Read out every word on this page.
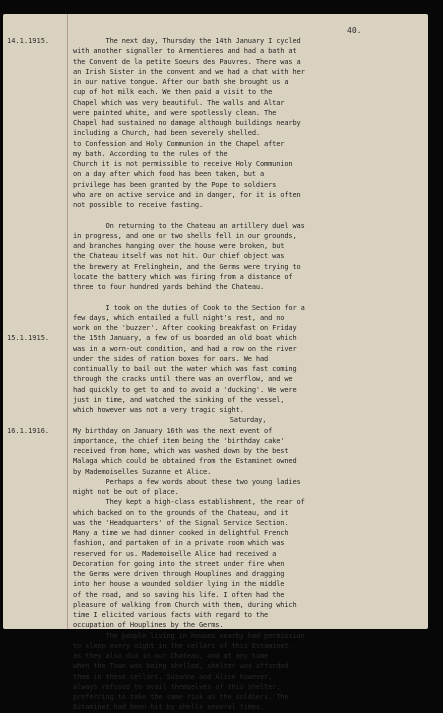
40.
14.1.1915.	The next day, Thursday the 14th January I cycled
with another signaller to Armentieres and had a bath at
the Convent de la petite Soeurs des Pauvres. There was a
an Irish Sister in the convent and we had a chat with her
in our native tongue. After our bath she brought us a
cup of hot milk each. We then paid a visit to the
Chapel which was very beautiful. The walls and Altar
were painted white, and were spotlessly clean. The
Chapel had sustained no damage although buildings nearby
including a Church, had been severely shelled.
to Confession and Holy Communion in the Chapel after
my bath. According to the rules of the
Church it is not permissible to receive Holy Communion
on a day after which food has been taken, but a
privilege has been granted by the Pope to soldiers
who are on active service and in danger, for it is often
not possible to receive fasting.
On returning to the Chateau an artillery duel was
in progress, and one or two shells fell in our grounds,
and branches hanging over the house were broken, but
the Chateau itself was not hit. Our chief object was
the brewery at Frelinghein, and the Germs were trying to
locate the battery which was firing from a distance of
three to four hundred yards behind the Chateau.
I took on the duties of Cook to the Section for a
few days, which entailed a full night's rest, and no
work on the 'buzzer'. After cooking breakfast on Friday
15.1.1915.	the 15th January, a few of us boarded an old boat which
was in a worn-out condition, and had a row on the river
under the sides of ration boxes for oars. We had
continually to bail out the water which was fast coming
through the cracks until there was an overflow, and we
had quickly to get to and to avoid a 'ducking'. We were
just in time, and watched the sinking of the vessel,
which however was not a very tragic sight.
Saturday,
16.1.1916.	My birthday on January 16th was the next event of
importance, the chief item being the 'birthday cake'
received from home, which was washed down by the best
Malaga which could be obtained from the Estaminet owned
by Mademoiselles Suzanne et Alice.
Perhaps a few words about these two young ladies
might not be out of place.
They kept a high-class establishment, the rear of
which backed on to the grounds of the Chateau, and it
was the 'Headquarters' of the Signal Service Section.
Many a time we had dinner cooked in delightful French
fashion, and partaken of in a private room which was
reserved for us. Mademoiselle Alice had received a
Decoration for going into the street under fire when
the Germs were driven through Houplines and dragging
into her house a wounded soldier lying in the middle
of the road, and so saving his life. I often had the
pleasure of walking from Church with them, during which
time I elicited various facts with regard to the
occupation of Houplines by the Germs.
The people living in houses nearby had permission
to sleep every night in the cellars of this Estaminet,
as they also did in our Chateau, and at any time
when the Town was being shelled, shelter was afforded
them in these cellars. Suzanne and Alice however,
always refused to avail themselves of this shelter,
preferring to take the same risk as the soldiers. The
Estaminet had been hit by shells several times.
